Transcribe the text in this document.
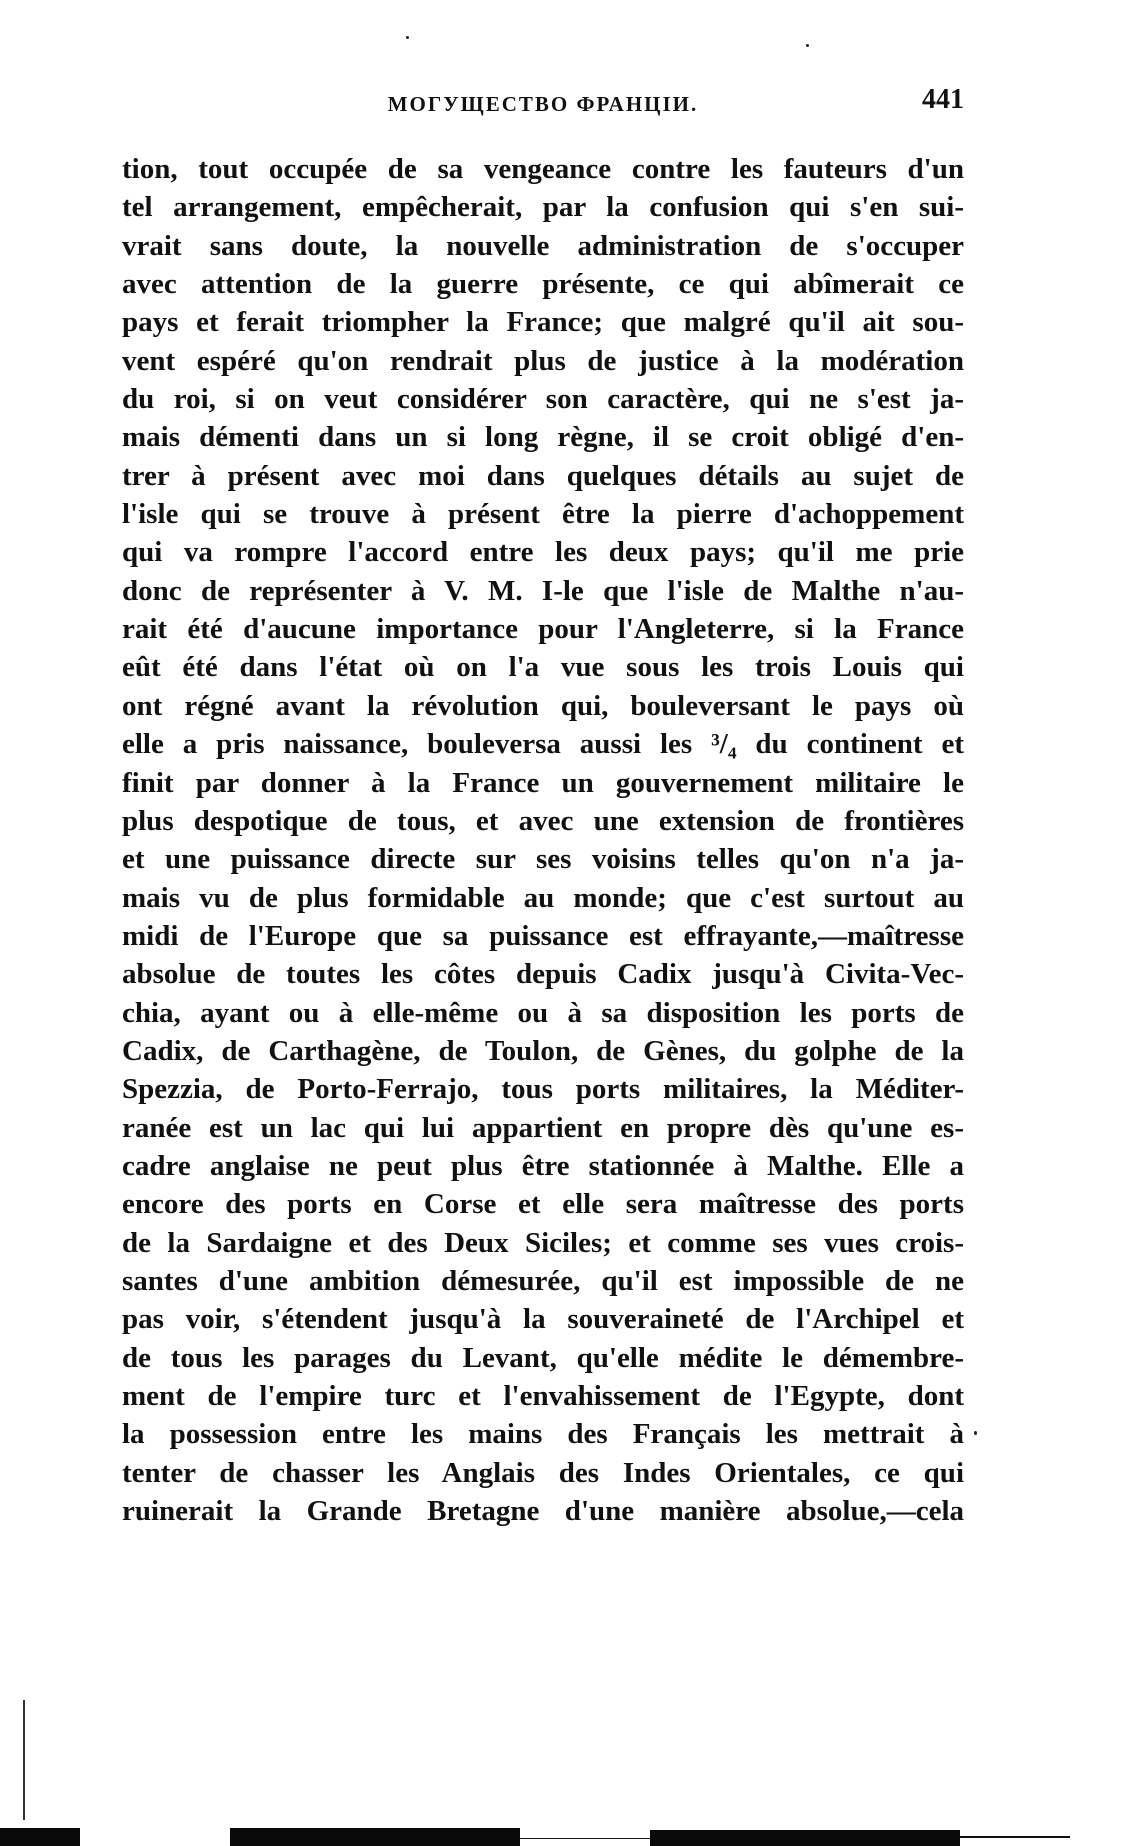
МОГУЩЕСТВО ФРАНЦІИ.	441
tion, tout occupée de sa vengeance contre les fauteurs d'un
tel arrangement, empêcherait, par la confusion qui s'en sui-
vrait sans doute, la nouvelle administration de s'occuper
avec attention de la guerre présente, ce qui abîmerait ce
pays et ferait triompher la France; que malgré qu'il ait sou-
vent espéré qu'on rendrait plus de justice à la modération
du roi, si on veut considérer son caractère, qui ne s'est ja-
mais démenti dans un si long règne, il se croit obligé d'en-
trer à présent avec moi dans quelques détails au sujet de
l'isle qui se trouve à présent être la pierre d'achoppement
qui va rompre l'accord entre les deux pays; qu'il me prie
donc de représenter à V. M. I-le que l'isle de Malthe n'au-
rait été d'aucune importance pour l'Angleterre, si la France
eût été dans l'état où on l'a vue sous les trois Louis qui
ont régné avant la révolution qui, bouleversant le pays où
elle a pris naissance, bouleversa aussi les ³/₄ du continent et
finit par donner à la France un gouvernement militaire le
plus despotique de tous, et avec une extension de frontières
et une puissance directe sur ses voisins telles qu'on n'a ja-
mais vu de plus formidable au monde; que c'est surtout au
midi de l'Europe que sa puissance est effrayante,—maîtresse
absolue de toutes les côtes depuis Cadix jusqu'à Civita-Vec-
chia, ayant ou à elle-même ou à sa disposition les ports de
Cadix, de Carthagène, de Toulon, de Gènes, du golphe de la
Spezzia, de Porto-Ferrajo, tous ports militaires, la Méditer-
ranée est un lac qui lui appartient en propre dès qu'une es-
cadre anglaise ne peut plus être stationnée à Malthe. Elle a
encore des ports en Corse et elle sera maîtresse des ports
de la Sardaigne et des Deux Siciles; et comme ses vues crois-
santes d'une ambition démesurée, qu'il est impossible de ne
pas voir, s'étendent jusqu'à la souveraineté de l'Archipel et
de tous les parages du Levant, qu'elle médite le démembre-
ment de l'empire turc et l'envahissement de l'Egypte, dont
la possession entre les mains des Français les mettrait à
tenter de chasser les Anglais des Indes Orientales, ce qui
ruinerait la Grande Bretagne d'une manière absolue,—cela
